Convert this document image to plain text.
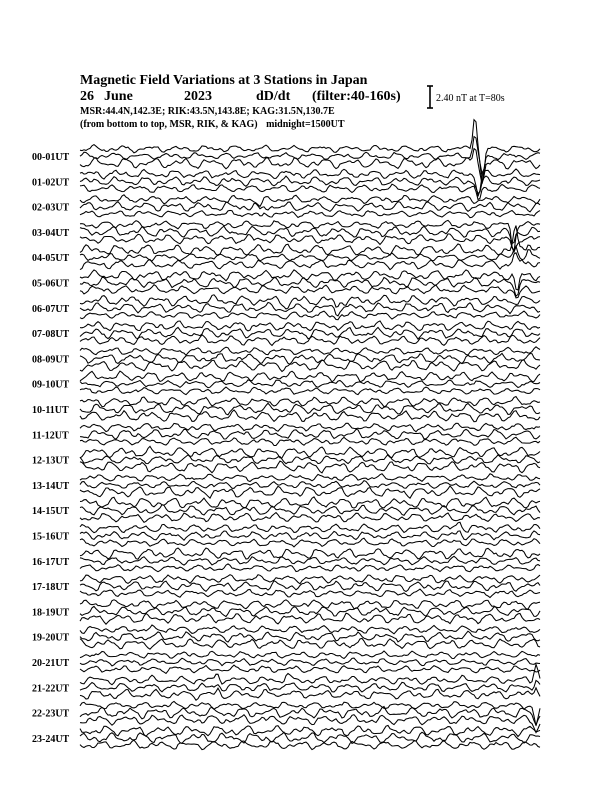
Magnetic Field Variations at 3 Stations in Japan
26 June	2023	dD/dt (filter:40-160s)
MSR:44.4N,142.3E; RIK:43.5N,143.8E; KAG:31.5N,130.7E
(from bottom to top, MSR, RIK, & KAG) midnight=1500UT
2.40 nT at T=80s
00-01UT
01-02UT
02-03UT
03-04UT
04-05UT
05-06UT
06-07UT
07-08UT
08-09UT
09-10UT
10-11UT
11-12UT
12-13UT
13-14UT
14-15UT
15-16UT
16-17UT
17-18UT
18-19UT
19-20UT
20-21UT
21-22UT
22-23UT
23-24UT
